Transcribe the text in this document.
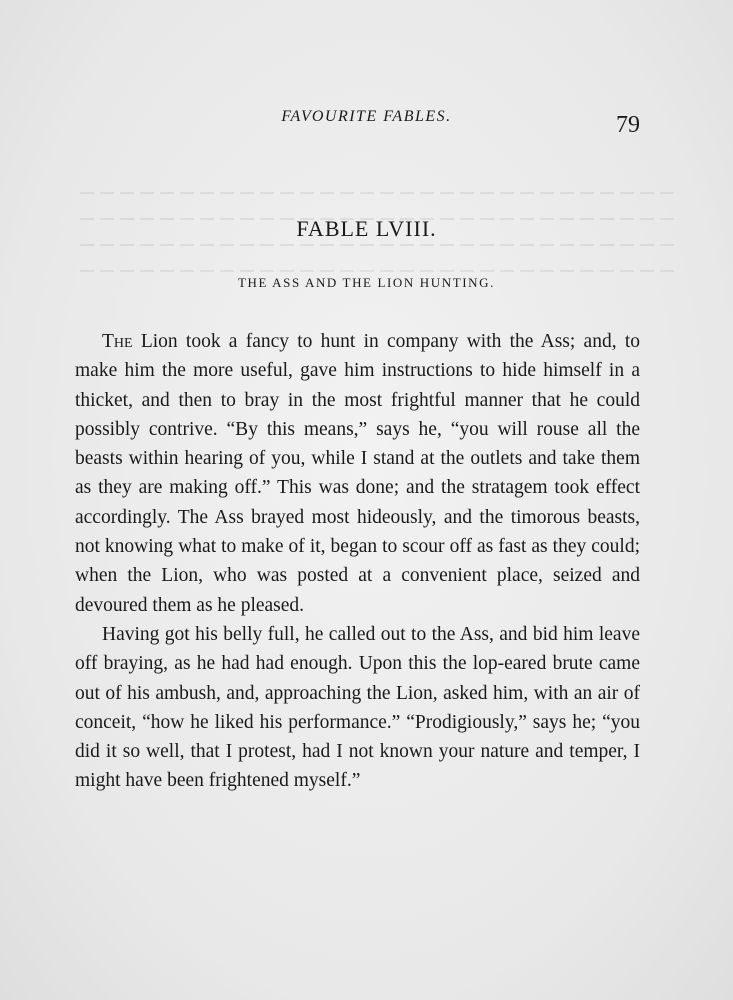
FAVOURITE FABLES.	79
FABLE LVIII.
THE ASS AND THE LION HUNTING.

The Lion took a fancy to hunt in company with the Ass; and, to make him the more useful, gave him instructions to hide himself in a thicket, and then to bray in the most frightful manner that he could possibly contrive. “By this means,” says he, “you will rouse all the beasts within hearing of you, while I stand at the outlets and take them as they are making off.” This was done; and the stratagem took effect accordingly. The Ass brayed most hideously, and the timorous beasts, not knowing what to make of it, began to scour off as fast as they could; when the Lion, who was posted at a convenient place, seized and devoured them as he pleased.

Having got his belly full, he called out to the Ass, and bid him leave off braying, as he had had enough. Upon this the lop-eared brute came out of his ambush, and, approaching the Lion, asked him, with an air of conceit, “how he liked his performance.” “Prodigiously,” says he; “you did it so well, that I protest, had I not known your nature and temper, I might have been frightened myself.”
